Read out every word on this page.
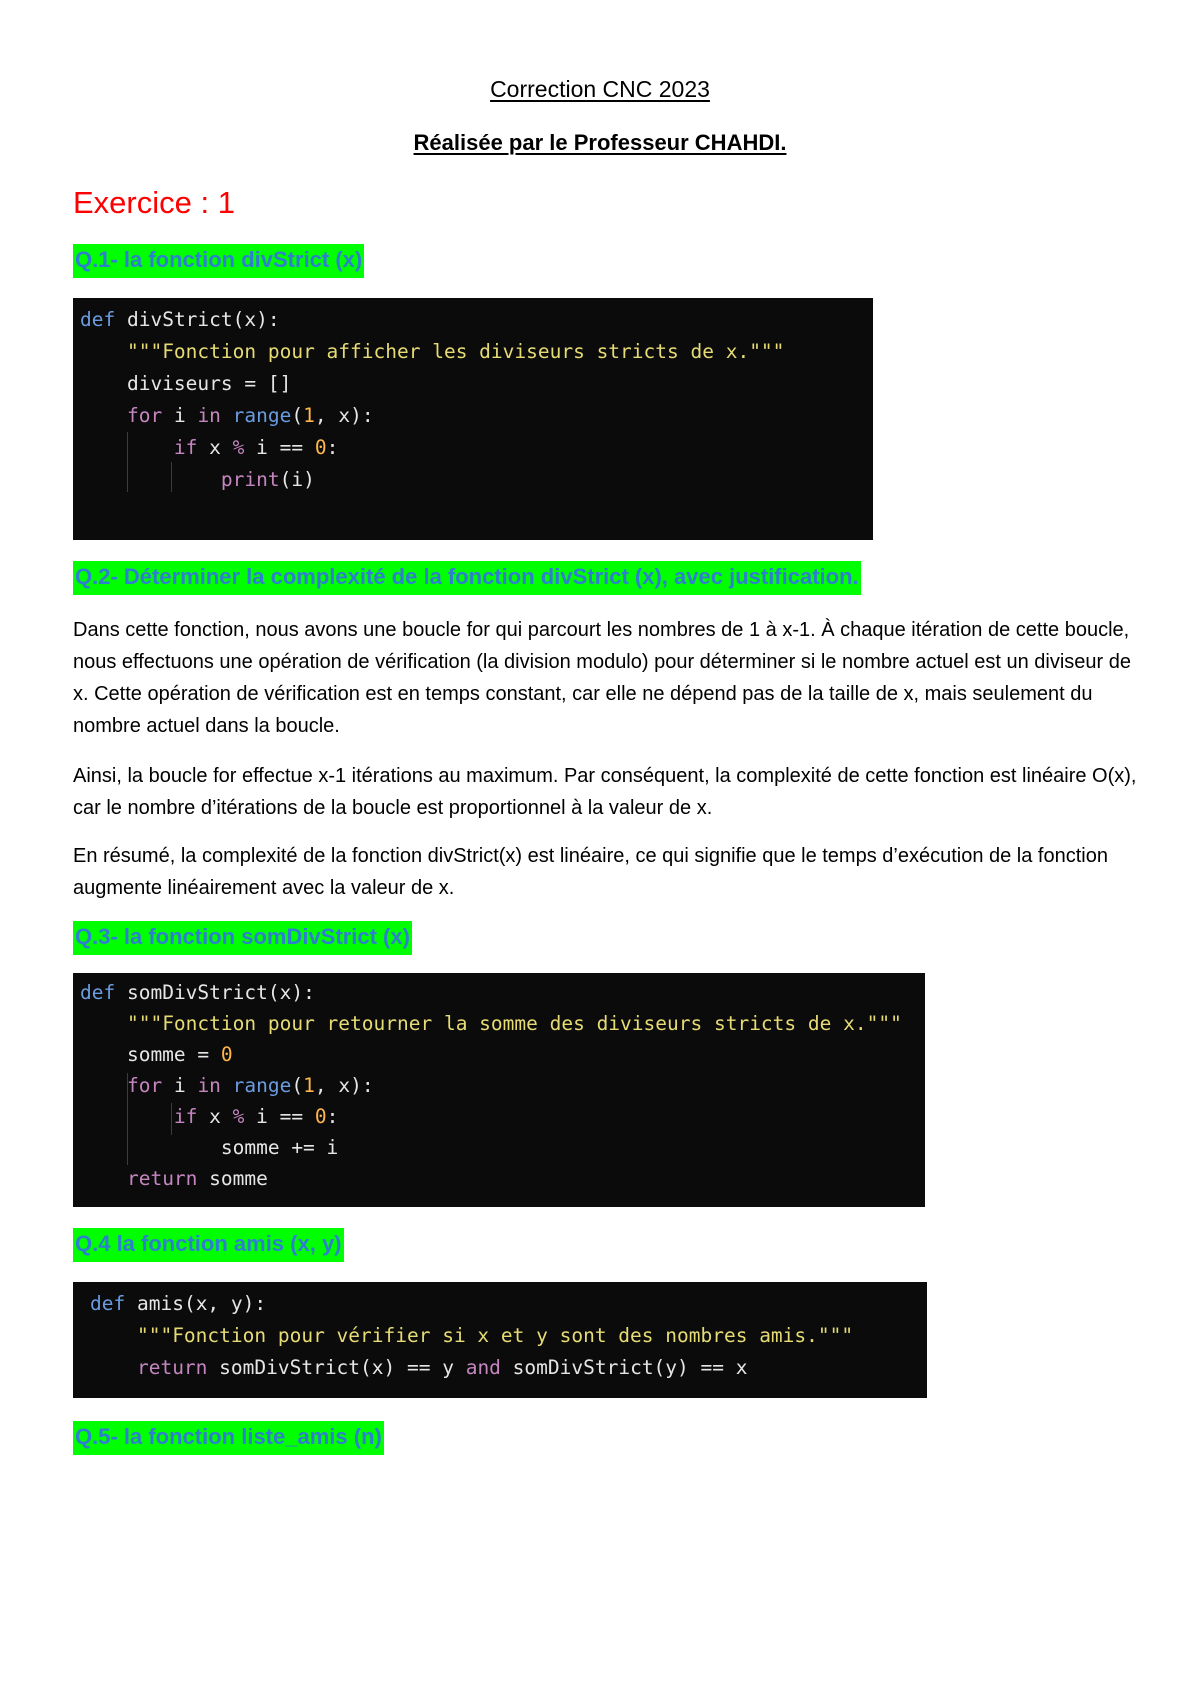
Correction CNC 2023
Réalisée par le Professeur CHAHDI.
Exercice : 1
Q.1- la fonction divStrict (x)
def divStrict(x):
"""Fonction pour afficher les diviseurs stricts de x."""
diviseurs = []
for i in range(1, x):
if x % i == 0:
print(i)
Q.2- Déterminer la complexité de la fonction divStrict (x), avec justification.
Dans cette fonction, nous avons une boucle for qui parcourt les nombres de 1 à x-1. À chaque itération de cette boucle, nous effectuons une opération de vérification (la division modulo) pour déterminer si le nombre actuel est un diviseur de x. Cette opération de vérification est en temps constant, car elle ne dépend pas de la taille de x, mais seulement du nombre actuel dans la boucle.
Ainsi, la boucle for effectue x-1 itérations au maximum. Par conséquent, la complexité de cette fonction est linéaire O(x), car le nombre d’itérations de la boucle est proportionnel à la valeur de x.
En résumé, la complexité de la fonction divStrict(x) est linéaire, ce qui signifie que le temps d’exécution de la fonction augmente linéairement avec la valeur de x.
Q.3- la fonction somDivStrict (x)
def somDivStrict(x):
"""Fonction pour retourner la somme des diviseurs stricts de x."""
somme = 0
for i in range(1, x):
if x % i == 0:
somme += i
return somme
Q.4 la fonction amis (x, y)
def amis(x, y):
"""Fonction pour vérifier si x et y sont des nombres amis."""
return somDivStrict(x) == y and somDivStrict(y) == x
Q.5- la fonction liste_amis (n)
